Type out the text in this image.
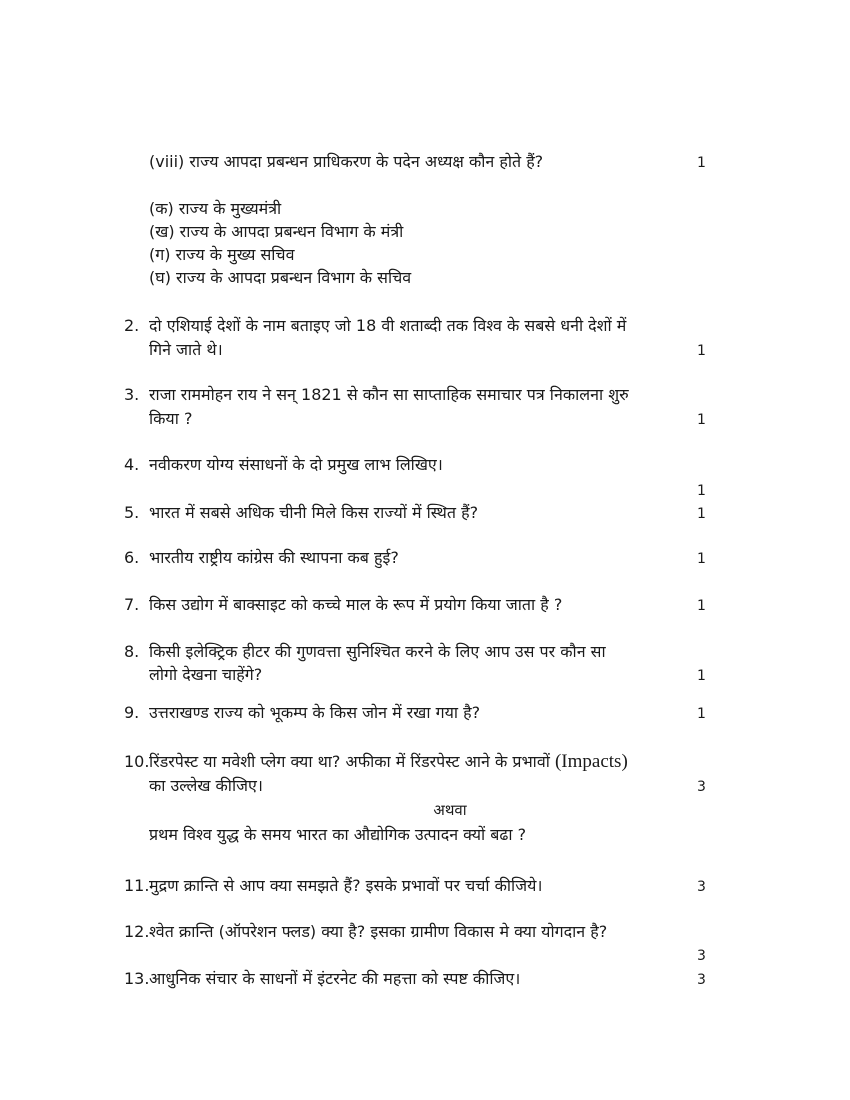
(viii) राज्य आपदा प्रबन्धन प्राधिकरण के पदेन अध्यक्ष कौन होते हैं?	1
(क) राज्य के मुख्यमंत्री
(ख) राज्य के आपदा प्रबन्धन विभाग के मंत्री
(ग) राज्य के मुख्य सचिव
(घ) राज्य के आपदा प्रबन्धन विभाग के सचिव
2. दो एशियाई देशों के नाम बताइए जो 18 वी शताब्दी तक विश्व के सबसे धनी देशों में
गिने जाते थे।	1
3. राजा राममोहन राय ने सन् 1821 से कौन सा साप्ताहिक समाचार पत्र निकालना शुरु
किया ?	1
4. नवीकरण योग्य संसाधनों के दो प्रमुख लाभ लिखिए।
1
5. भारत में सबसे अधिक चीनी मिले किस राज्यों में स्थित हैं?	1
6. भारतीय राष्ट्रीय कांग्रेस की स्थापना कब हुई?	1
7. किस उद्योग में बाक्साइट को कच्चे माल के रूप में प्रयोग किया जाता है ?	1
8. किसी इलेक्ट्रिक हीटर की गुणवत्ता सुनिश्चित करने के लिए आप उस पर कौन सा
लोगो देखना चाहेंगे?	1
9. उत्तराखण्ड राज्य को भूकम्प के किस जोन में रखा गया है?	1
10.रिंडरपेस्ट या मवेशी प्लेग क्या था? अफीका में रिंडरपेस्ट आने के प्रभावों (Impacts)
का उल्लेख कीजिए।	3
अथवा
प्रथम विश्व युद्ध के समय भारत का औद्योगिक उत्पादन क्यों बढा ?
11.मुद्रण क्रान्ति से आप क्या समझते हैं? इसके प्रभावों पर चर्चा कीजिये।	3
12.श्वेत क्रान्ति (ऑपरेशन फ्लड) क्या है? इसका ग्रामीण विकास मे क्या योगदान है?
3
13.आधुनिक संचार के साधनों में इंटरनेट की महत्ता को स्पष्ट कीजिए।	3
